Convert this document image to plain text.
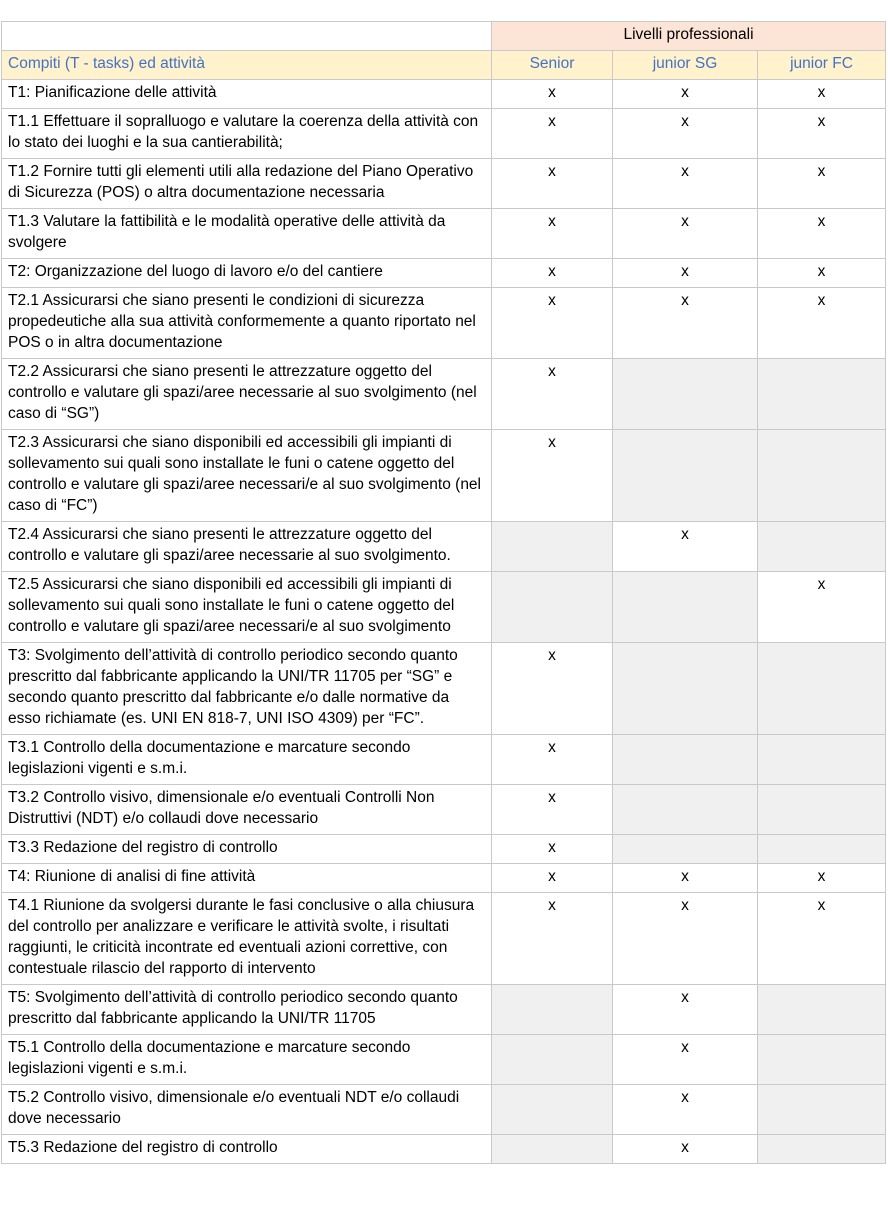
	Livelli professionali		
Compiti (T - tasks) ed attività	Senior	junior SG	junior FC
T1: Pianificazione delle attività	x	x	x
T1.1 Effettuare il sopralluogo e valutare la coerenza della attività con lo stato dei luoghi e la sua cantierabilità;	x	x	x
T1.2 Fornire tutti gli elementi utili alla redazione del Piano Operativo di Sicurezza (POS) o altra documentazione necessaria	x	x	x
T1.3 Valutare la fattibilità e le modalità operative delle attività da svolgere	x	x	x
T2: Organizzazione del luogo di lavoro e/o del cantiere	x	x	x
T2.1 Assicurarsi che siano presenti le condizioni di sicurezza propedeutiche alla sua attività conformemente a quanto riportato nel POS o in altra documentazione	x	x	x
T2.2 Assicurarsi che siano presenti le attrezzature oggetto del controllo e valutare gli spazi/aree necessarie al suo svolgimento (nel caso di “SG”)	x		
T2.3 Assicurarsi che siano disponibili ed accessibili gli impianti di sollevamento sui quali sono installate le funi o catene oggetto del controllo e valutare gli spazi/aree necessari/e al suo svolgimento (nel caso di “FC”)	x		
T2.4 Assicurarsi che siano presenti le attrezzature oggetto del controllo e valutare gli spazi/aree necessarie al suo svolgimento.		x	
T2.5 Assicurarsi che siano disponibili ed accessibili gli impianti di sollevamento sui quali sono installate le funi o catene oggetto del controllo e valutare gli spazi/aree necessari/e al suo svolgimento			x
T3: Svolgimento dell’attività di controllo periodico secondo quanto prescritto dal fabbricante applicando la UNI/TR 11705 per “SG” e secondo quanto prescritto dal fabbricante e/o dalle normative da esso richiamate (es. UNI EN 818-7, UNI ISO 4309) per “FC”.	x		
T3.1 Controllo della documentazione e marcature secondo legislazioni vigenti e s.m.i.	x		
T3.2 Controllo visivo, dimensionale e/o eventuali Controlli Non Distruttivi (NDT) e/o collaudi dove necessario	x		
T3.3 Redazione del registro di controllo	x		
T4: Riunione di analisi di fine attività	x	x	x
T4.1 Riunione da svolgersi durante le fasi conclusive o alla chiusura del controllo per analizzare e verificare le attività svolte, i risultati raggiunti, le criticità incontrate ed eventuali azioni correttive, con contestuale rilascio del rapporto di intervento	x	x	x
T5: Svolgimento dell’attività di controllo periodico secondo quanto prescritto dal fabbricante applicando la UNI/TR 11705		x	
T5.1 Controllo della documentazione e marcature secondo legislazioni vigenti e s.m.i.		x	
T5.2 Controllo visivo, dimensionale e/o eventuali NDT e/o collaudi dove necessario		x	
T5.3 Redazione del registro di controllo		x	
